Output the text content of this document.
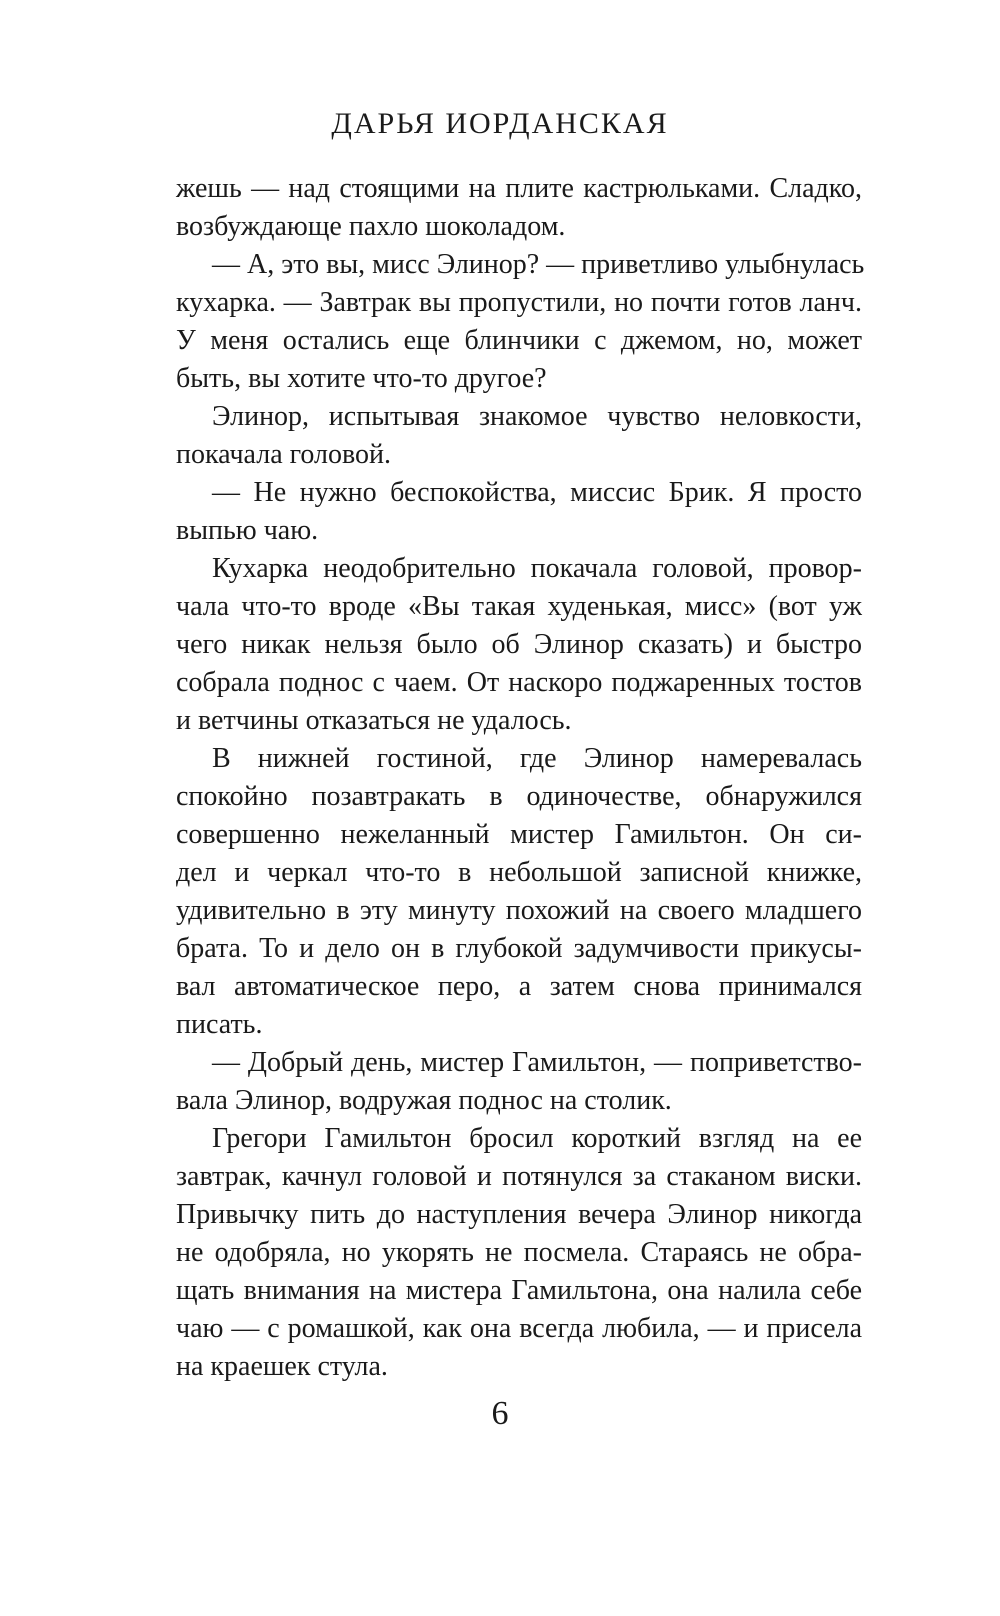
ДАРЬЯ ИОРДАНСКАЯ
жешь — над стоящими на плите кастрюльками. Сладко,
возбуждающе пахло шоколадом.
— А, это вы, мисс Элинор? — приветливо улыбнулась
кухарка. — Завтрак вы пропустили, но почти готов ланч.
У меня остались еще блинчики с джемом, но, может
быть, вы хотите что-то другое?
Элинор, испытывая знакомое чувство неловкости,
покачала головой.
— Не нужно беспокойства, миссис Брик. Я просто
выпью чаю.
Кухарка неодобрительно покачала головой, провор-
чала что-то вроде «Вы такая худенькая, мисс» (вот уж
чего никак нельзя было об Элинор сказать) и быстро
собрала поднос с чаем. От наскоро поджаренных тостов
и ветчины отказаться не удалось.
В нижней гостиной, где Элинор намеревалась
спокойно позавтракать в одиночестве, обнаружился
совершенно нежеланный мистер Гамильтон. Он си-
дел и черкал что-то в небольшой записной книжке,
удивительно в эту минуту похожий на своего младшего
брата. То и дело он в глубокой задумчивости прикусы-
вал автоматическое перо, а затем снова принимался
писать.
— Добрый день, мистер Гамильтон, — поприветство-
вала Элинор, водружая поднос на столик.
Грегори Гамильтон бросил короткий взгляд на ее
завтрак, качнул головой и потянулся за стаканом виски.
Привычку пить до наступления вечера Элинор никогда
не одобряла, но укорять не посмела. Стараясь не обра-
щать внимания на мистера Гамильтона, она налила себе
чаю — с ромашкой, как она всегда любила, — и присела
на краешек стула.
6
